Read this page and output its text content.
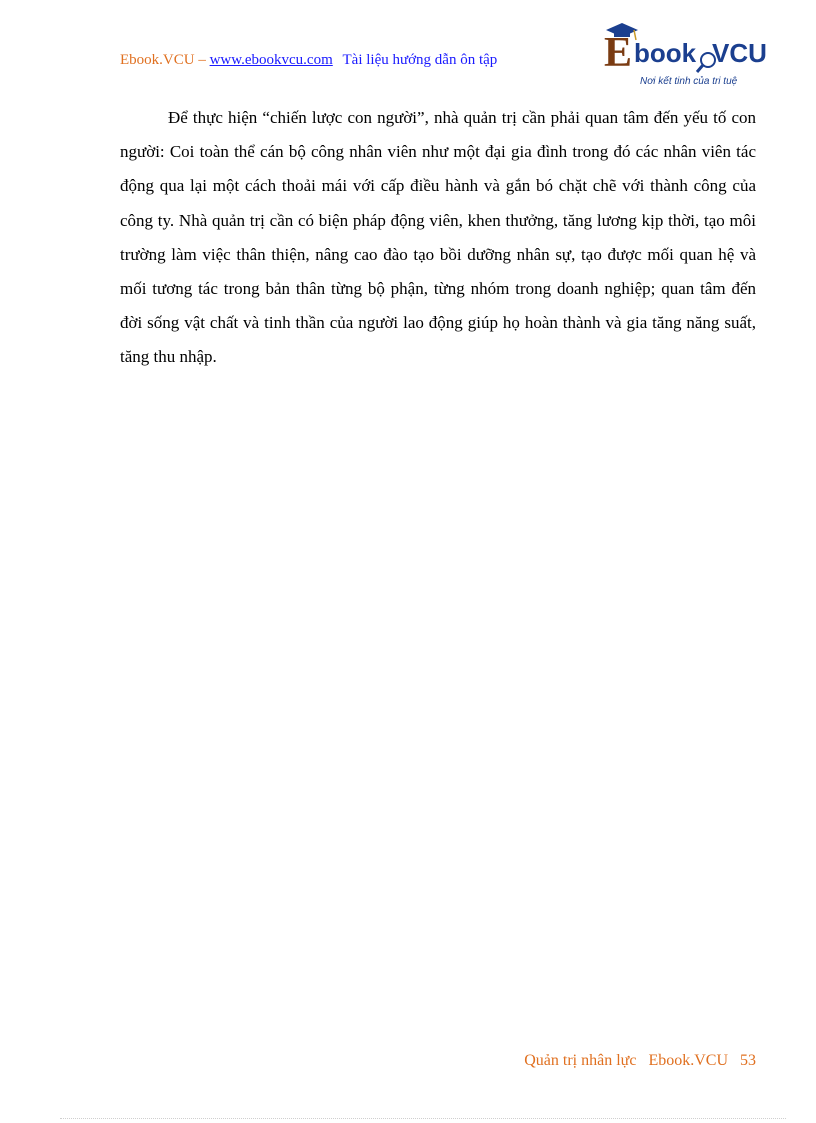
Ebook.VCU – www.ebookvcu.com Tài liệu hướng dẫn ôn tập	E book VCU
Nơi kết tinh của tri tuệ

Để thực hiện “chiến lược con người”, nhà quản trị cần phải quan tâm đến yếu tố con người: Coi toàn thể cán bộ công nhân viên như một đại gia đình trong đó các nhân viên tác động qua lại một cách thoải mái với cấp điều hành và gắn bó chặt chẽ với thành công của công ty. Nhà quản trị cần có biện pháp động viên, khen thưởng, tăng lương kịp thời, tạo môi trường làm việc thân thiện, nâng cao đào tạo bồi dưỡng nhân sự, tạo được mối quan hệ và mối tương tác trong bản thân từng bộ phận, từng nhóm trong doanh nghiệp; quan tâm đến đời sống vật chất và tinh thần của người lao động giúp họ hoàn thành và gia tăng năng suất, tăng thu nhập.

Quản trị nhân lực Ebook.VCU 53
